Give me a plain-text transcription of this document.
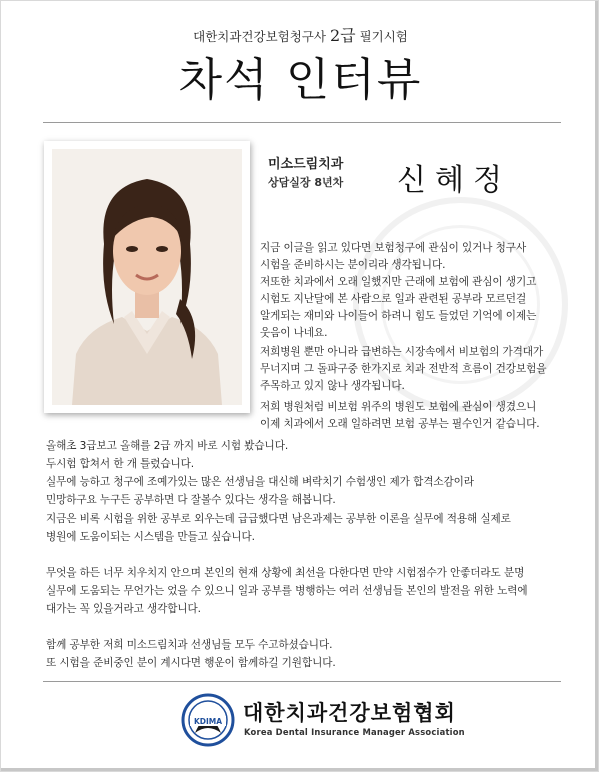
대한치과건강보험청구사 2급 필기시험
차석 인터뷰
미소드림치과
상담실장 8년차 신혜정
지금 이글을 읽고 있다면 보험청구에 관심이 있거나 청구사
시험을 준비하시는 분이리라 생각됩니다.
저또한 치과에서 오래 일했지만 근래에 보험에 관심이 생기고
시험도 지난달에 본 사람으로 일과 관련된 공부라 모르던걸
알게되는 재미와 나이들어 하려니 힘도 들었던 기억에 이제는
웃음이 나네요.
저희병원 뿐만 아니라 급변하는 시장속에서 비보험의 가격대가
무너지며 그 돌파구중 한가지로 치과 전반적 흐름이 건강보험을
주목하고 있지 않나 생각됩니다.
저희 병원처럼 비보험 위주의 병원도 보험에 관심이 생겼으니
이제 치과에서 오래 일하려면 보험 공부는 필수인거 같습니다.
올해초 3급보고 올해를 2급 까지 바로 시험 봤습니다.
두시험 합쳐서 한 개 틀렸습니다.
실무에 능하고 청구에 조예가있는 많은 선생님을 대신해 벼락치기 수험생인 제가 합격소감이라
민망하구요 누구든 공부하면 다 잘볼수 있다는 생각을 해봅니다.
지금은 비록 시험을 위한 공부로 외우는데 급급했다면 남은과제는 공부한 이론을 실무에 적용해 실제로
병원에 도움이되는 시스템을 만들고 싶습니다.
무엇을 하든 너무 치우치지 안으며 본인의 현재 상황에 최선을 다한다면 만약 시험점수가 안좋더라도 분명
실무에 도움되는 무언가는 었을 수 있으니 일과 공부를 병행하는 여러 선생님들 본인의 발전을 위한 노력에
대가는 꼭 있을거라고 생각합니다.
함께 공부한 저희 미소드림치과 선생님들 모두 수고하셨습니다.
또 시험을 준비중인 분이 계시다면 행운이 함께하길 기원합니다.
KDIMA 대한치과건강보험협회
Korea Dental Insurance Manager Association
